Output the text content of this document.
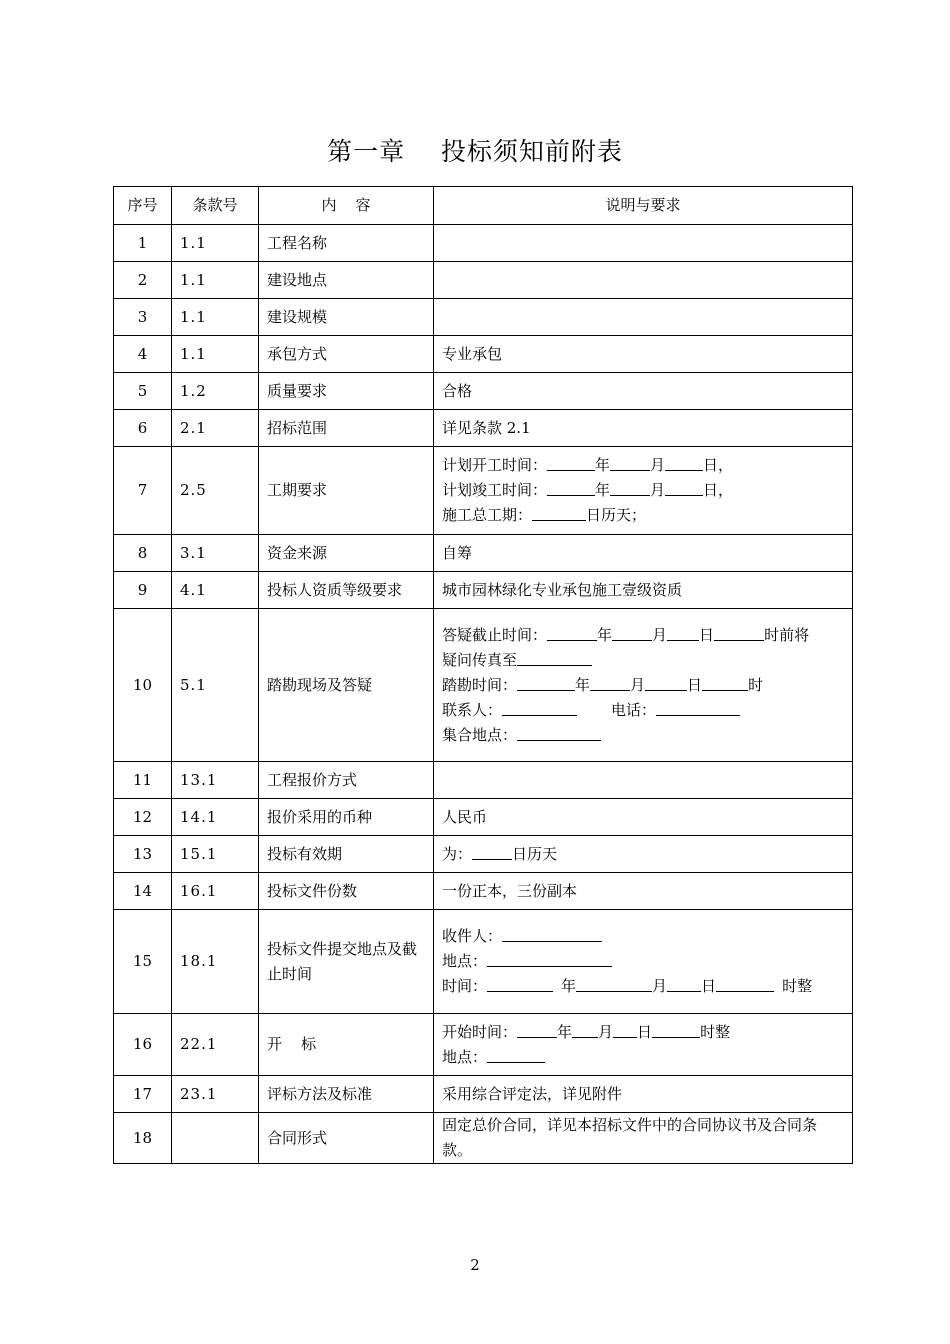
第一章    投标须知前附表
序号	条款号	内    容	说明与要求
1	1.1	工程名称	
2	1.1	建设地点	
3	1.1	建设规模	
4	1.1	承包方式	专业承包
5	1.2	质量要求	合格
6	2.1	招标范围	详见条款 2.1
7	2.5	工期要求	计划开工时间： 年 月 日，
计划竣工时间： 年 月 日，
施工总工期： 日历天；

8	3.1	资金来源	自筹
9	4.1	投标人资质等级要求	城市园林绿化专业承包施工壹级资质
10	5.1	踏勘现场及答疑	答疑截止时间： 年 月 日 时前将
疑问传真至
踏勘时间： 年 月 日 时
联系人： 电话：
集合地点：

11	13.1	工程报价方式	
12	14.1	报价采用的币种	人民币
13	15.1	投标有效期	为： 日历天
14	16.1	投标文件份数	一份正本，三份副本
15	18.1	投标文件提交地点及截止时间	收件人：
地点：
时间： 年 月 日 时整

16	22.1	开    标	开始时间： 年 月 日 时整
地点：

17	23.1	评标方法及标准	采用综合评定法，详见附件
18		合同形式	固定总价合同，详见本招标文件中的合同协议书及合同条款。
2
